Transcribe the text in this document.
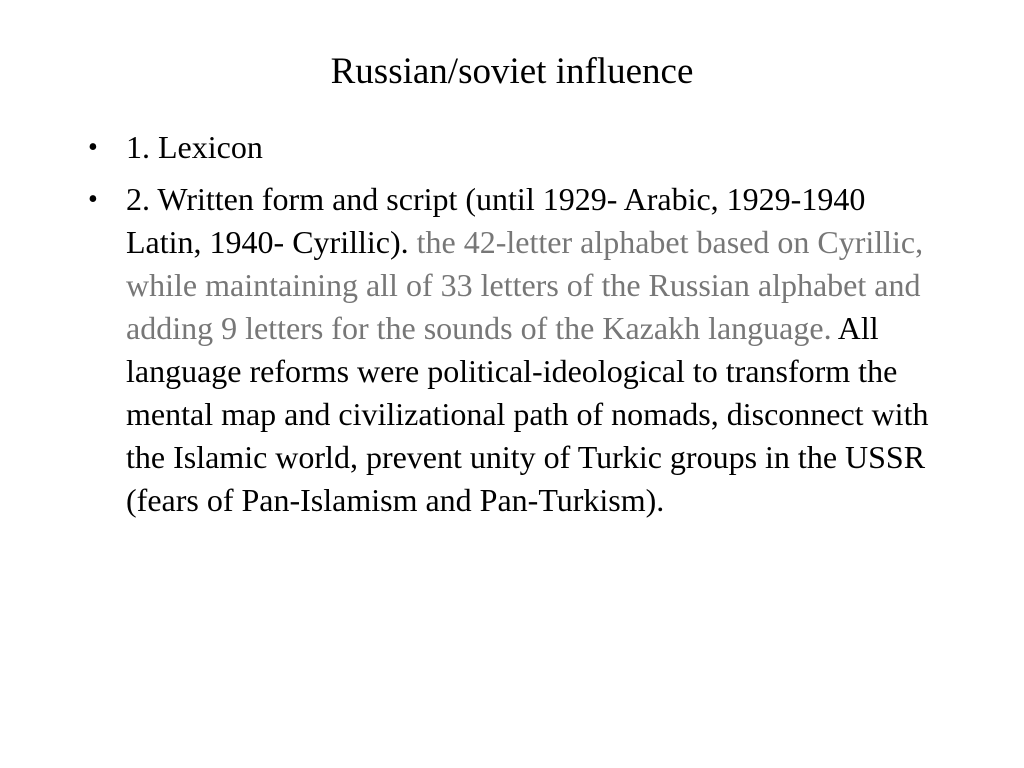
Russian/soviet influence
• 1. Lexicon
• 2. Written form and script (until 1929- Arabic, 1929-1940 Latin, 1940- Cyrillic). the 42-letter alphabet based on Cyrillic, while maintaining all of 33 letters of the Russian alphabet and adding 9 letters for the sounds of the Kazakh language. All language reforms were political-ideological to transform the mental map and civilizational path of nomads, disconnect with the Islamic world, prevent unity of Turkic groups in the USSR (fears of Pan-Islamism and Pan-Turkism).
